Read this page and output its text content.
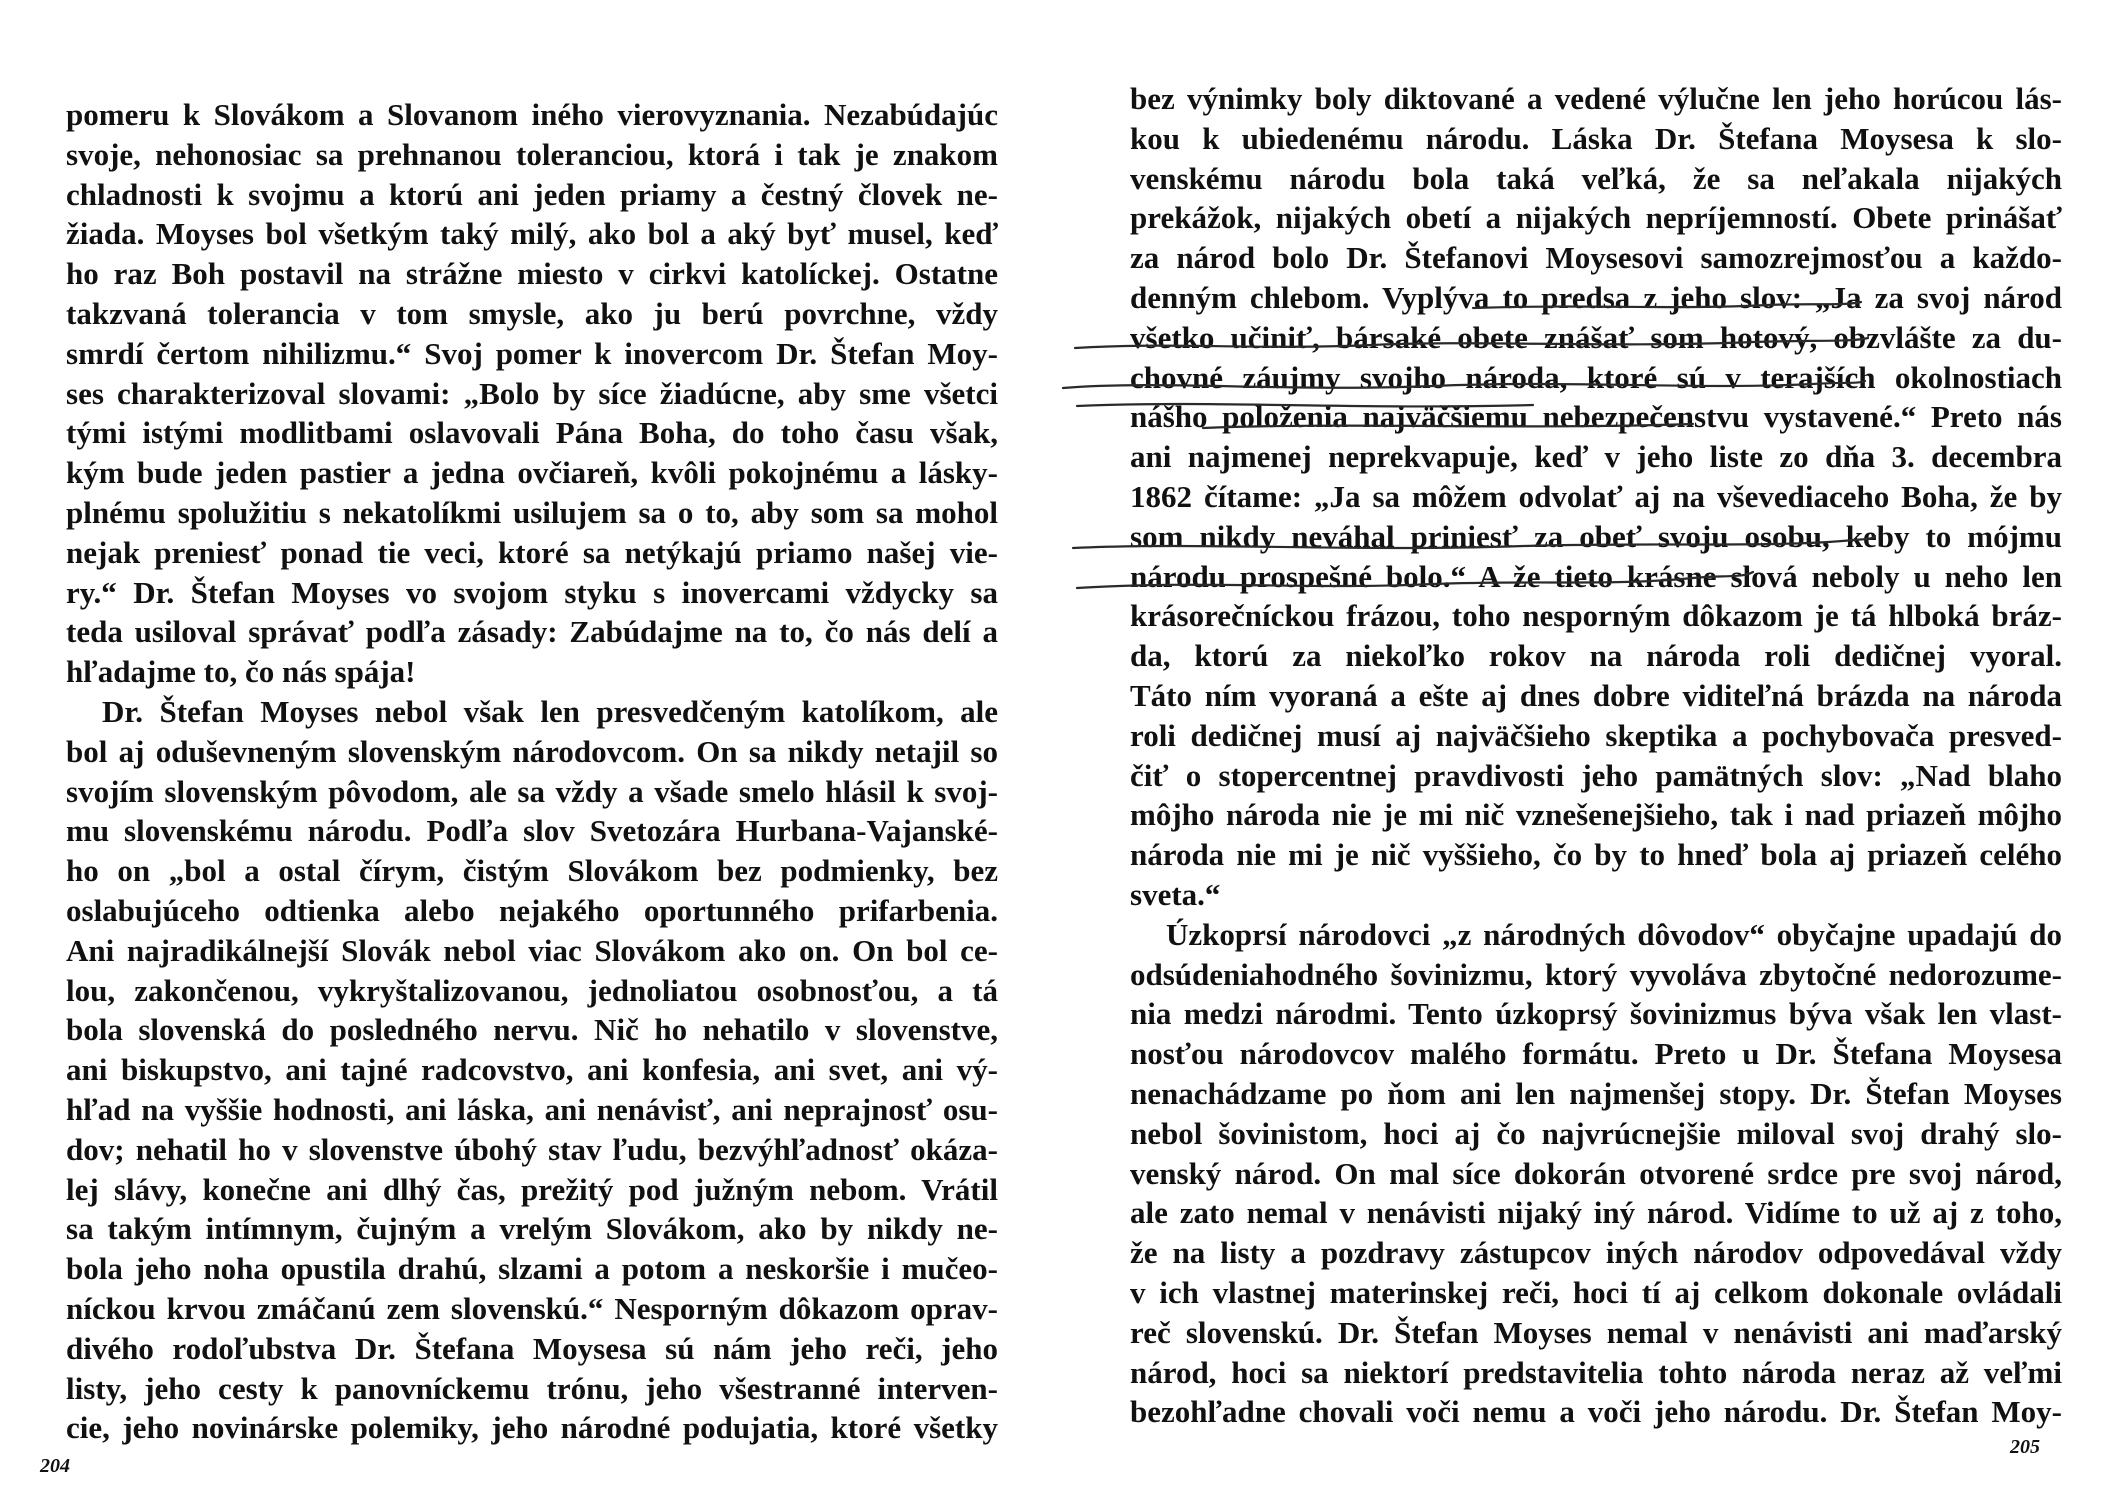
pomeru k Slovákom a Slovanom iného vierovyznania. Nezabúdajúc
svoje, nehonosiac sa prehnanou toleranciou, ktorá i tak je znakom
chladnosti k svojmu a ktorú ani jeden priamy a čestný človek ne-
žiada. Moyses bol všetkým taký milý, ako bol a aký byť musel, keď
ho raz Boh postavil na strážne miesto v cirkvi katolíckej. Ostatne
takzvaná tolerancia v tom smysle, ako ju berú povrchne, vždy
smrdí čertom nihilizmu.“ Svoj pomer k inovercom Dr. Štefan Moy-
ses charakterizoval slovami: „Bolo by síce žiadúcne, aby sme všetci
tými istými modlitbami oslavovali Pána Boha, do toho času však,
kým bude jeden pastier a jedna ovčiareň, kvôli pokojnému a lásky-
plnému spolužitiu s nekatolíkmi usilujem sa o to, aby som sa mohol
nejak preniesť ponad tie veci, ktoré sa netýkajú priamo našej vie-
ry.“ Dr. Štefan Moyses vo svojom styku s inovercami vždycky sa
teda usiloval správať podľa zásady: Zabúdajme na to, čo nás delí a
hľadajme to, čo nás spája!
Dr. Štefan Moyses nebol však len presvedčeným katolíkom, ale
bol aj oduševneným slovenským národovcom. On sa nikdy netajil so
svojím slovenským pôvodom, ale sa vždy a všade smelo hlásil k svoj-
mu slovenskému národu. Podľa slov Svetozára Hurbana-Vajanské-
ho on „bol a ostal čírym, čistým Slovákom bez podmienky, bez
oslabujúceho odtienka alebo nejakého oportunného prifarbenia.
Ani najradikálnejší Slovák nebol viac Slovákom ako on. On bol ce-
lou, zakončenou, vykryštalizovanou, jednoliatou osobnosťou, a tá
bola slovenská do posledného nervu. Nič ho nehatilo v slovenstve,
ani biskupstvo, ani tajné radcovstvo, ani konfesia, ani svet, ani vý-
hľad na vyššie hodnosti, ani láska, ani nenávisť, ani neprajnosť osu-
dov; nehatil ho v slovenstve úbohý stav ľudu, bezvýhľadnosť okáza-
lej slávy, konečne ani dlhý čas, prežitý pod južným nebom. Vrátil
sa takým intímnym, čujným a vrelým Slovákom, ako by nikdy ne-
bola jeho noha opustila drahú, slzami a potom a neskoršie i mučeo-
níckou krvou zmáčanú zem slovenskú.“ Nesporným dôkazom oprav-
divého rodoľubstva Dr. Štefana Moysesa sú nám jeho reči, jeho
listy, jeho cesty k panovníckemu trónu, jeho všestranné interven-
cie, jeho novinárske polemiky, jeho národné podujatia, ktoré všetky
204
bez výnimky boly diktované a vedené výlučne len jeho horúcou lás-
kou k ubiedenému národu. Láska Dr. Štefana Moysesa k slo-
venskému národu bola taká veľká, že sa neľakala nijakých
prekážok, nijakých obetí a nijakých nepríjemností. Obete prinášať
za národ bolo Dr. Štefanovi Moysesovi samozrejmosťou a každo-
denným chlebom. Vyplýva to predsa z jeho slov: „Ja za svoj národ
všetko učiniť, bársaké obete znášať som hotový, obzvlášte za du-
chovné záujmy svojho národa, ktoré sú v terajších okolnostiach
nášho položenia najväčšiemu nebezpečenstvu vystavené.“ Preto nás
ani najmenej neprekvapuje, keď v jeho liste zo dňa 3. decembra
1862 čítame: „Ja sa môžem odvolať aj na vševediaceho Boha, že by
som nikdy neváhal priniesť za obeť svoju osobu, keby to mójmu
národu prospešné bolo.“ A že tieto krásne slová neboly u neho len
krásorečníckou frázou, toho nesporným dôkazom je tá hlboká bráz-
da, ktorú za niekoľko rokov na národa roli dedičnej vyoral.
Táto ním vyoraná a ešte aj dnes dobre viditeľná brázda na národa
roli dedičnej musí aj najväčšieho skeptika a pochybovača presved-
čiť o stopercentnej pravdivosti jeho pamätných slov: „Nad blaho
môjho národa nie je mi nič vznešenejšieho, tak i nad priazeň môjho
národa nie mi je nič vyššieho, čo by to hneď bola aj priazeň celého
sveta.“
Úzkoprsí národovci „z národných dôvodov“ obyčajne upadajú do
odsúdeniahodného šovinizmu, ktorý vyvoláva zbytočné nedorozume-
nia medzi národmi. Tento úzkoprsý šovinizmus býva však len vlast-
nosťou národovcov malého formátu. Preto u Dr. Štefana Moysesa
nenachádzame po ňom ani len najmenšej stopy. Dr. Štefan Moyses
nebol šovinistom, hoci aj čo najvrúcnejšie miloval svoj drahý slo-
venský národ. On mal síce dokorán otvorené srdce pre svoj národ,
ale zato nemal v nenávisti nijaký iný národ. Vidíme to už aj z toho,
že na listy a pozdravy zástupcov iných národov odpovedával vždy
v ich vlastnej materinskej reči, hoci tí aj celkom dokonale ovládali
reč slovenskú. Dr. Štefan Moyses nemal v nenávisti ani maďarský
národ, hoci sa niektorí predstavitelia tohto národa neraz až veľmi
bezohľadne chovali voči nemu a voči jeho národu. Dr. Štefan Moy-
205
